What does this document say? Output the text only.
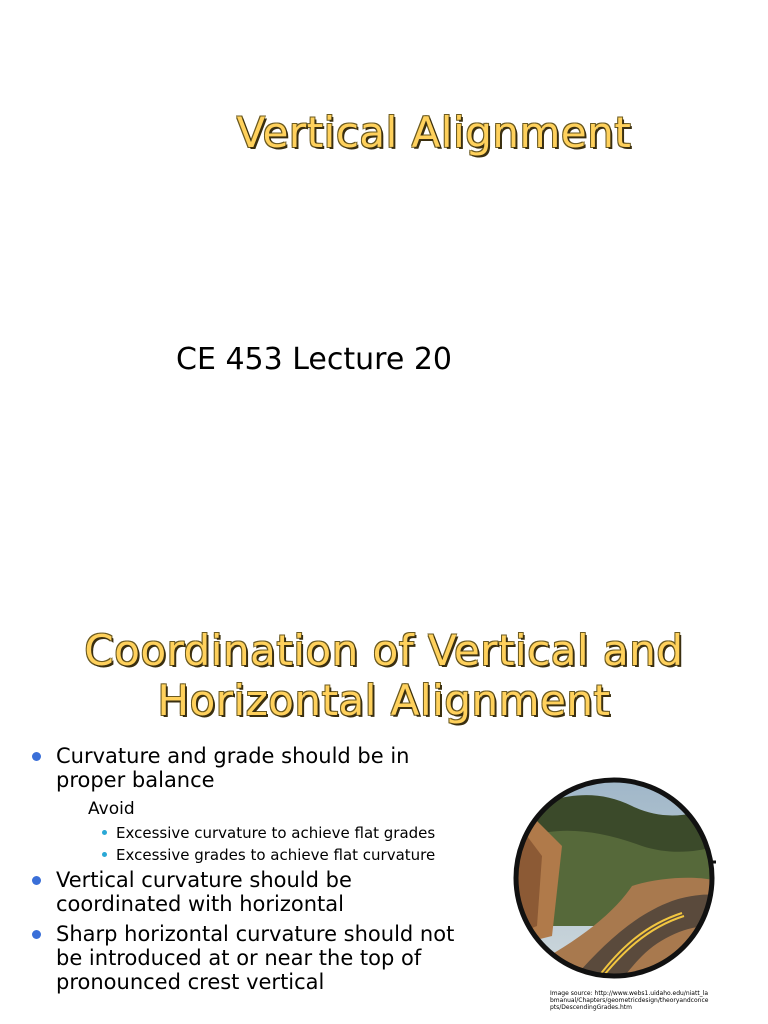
Vertical Alignment
CE 453 Lecture 20
Coordination of Vertical and
Horizontal Alignment
Curvature and grade should be in proper balance
Avoid
Excessive curvature to achieve flat grades
Excessive grades to achieve flat curvature
Vertical curvature should be coordinated with horizontal
Sharp horizontal curvature should not be introduced at or near the top of pronounced crest vertical	Image source: http://www.webs1.uidaho.edu/niatt_labmanual/Chapters/geometricdesign/theoryandconcepts/DescendingGrades.htm
